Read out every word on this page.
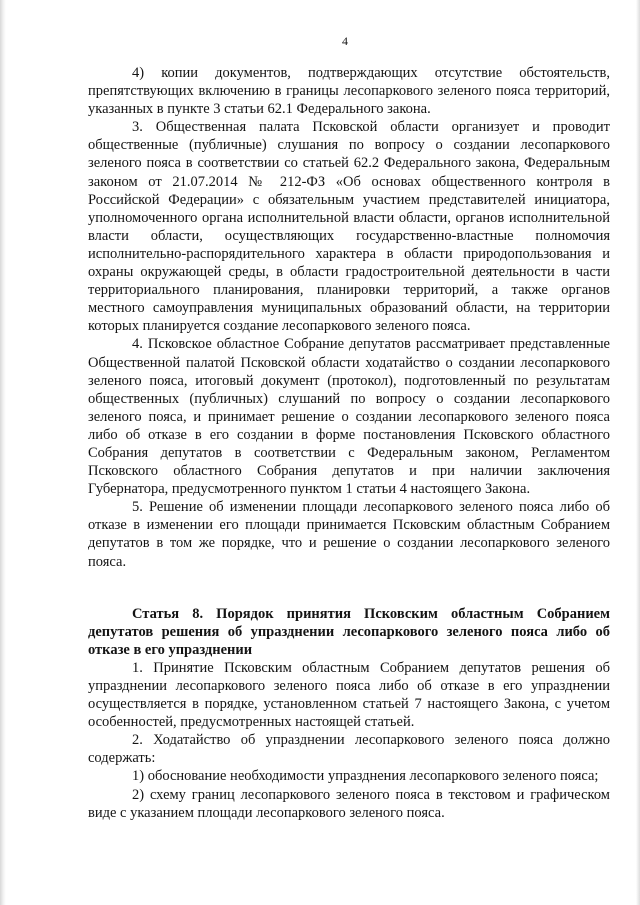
4

4) копии документов, подтверждающих отсутствие обстоятельств, препятствующих включению в границы лесопаркового зеленого пояса территорий, указанных в пункте 3 статьи 62.1 Федерального закона.

3. Общественная палата Псковской области организует и проводит общественные (публичные) слушания по вопросу о создании лесопаркового зеленого пояса в соответствии со статьей 62.2 Федерального закона, Федеральным законом от 21.07.2014 № 212-ФЗ «Об основах общественного контроля в Российской Федерации» с обязательным участием представителей инициатора, уполномоченного органа исполнительной власти области, органов исполнительной власти области, осуществляющих государственно-властные полномочия исполнительно-распорядительного характера в области природопользования и охраны окружающей среды, в области градостроительной деятельности в части территориального планирования, планировки территорий, а также органов местного самоуправления муниципальных образований области, на территории которых планируется создание лесопаркового зеленого пояса.

4. Псковское областное Собрание депутатов рассматривает представленные Общественной палатой Псковской области ходатайство о создании лесопаркового зеленого пояса, итоговый документ (протокол), подготовленный по результатам общественных (публичных) слушаний по вопросу о создании лесопаркового зеленого пояса, и принимает решение о создании лесопаркового зеленого пояса либо об отказе в его создании в форме постановления Псковского областного Собрания депутатов в соответствии с Федеральным законом, Регламентом Псковского областного Собрания депутатов и при наличии заключения Губернатора, предусмотренного пунктом 1 статьи 4 настоящего Закона.

5. Решение об изменении площади лесопаркового зеленого пояса либо об отказе в изменении его площади принимается Псковским областным Собранием депутатов в том же порядке, что и решение о создании лесопаркового зеленого пояса.

Статья 8. Порядок принятия Псковским областным Собранием депутатов решения об упразднении лесопаркового зеленого пояса либо об отказе в его упразднении

1. Принятие Псковским областным Собранием депутатов решения об упразднении лесопаркового зеленого пояса либо об отказе в его упразднении осуществляется в порядке, установленном статьей 7 настоящего Закона, с учетом особенностей, предусмотренных настоящей статьей.

2. Ходатайство об упразднении лесопаркового зеленого пояса должно содержать:

1) обоснование необходимости упразднения лесопаркового зеленого пояса;

2) схему границ лесопаркового зеленого пояса в текстовом и графическом виде с указанием площади лесопаркового зеленого пояса.
